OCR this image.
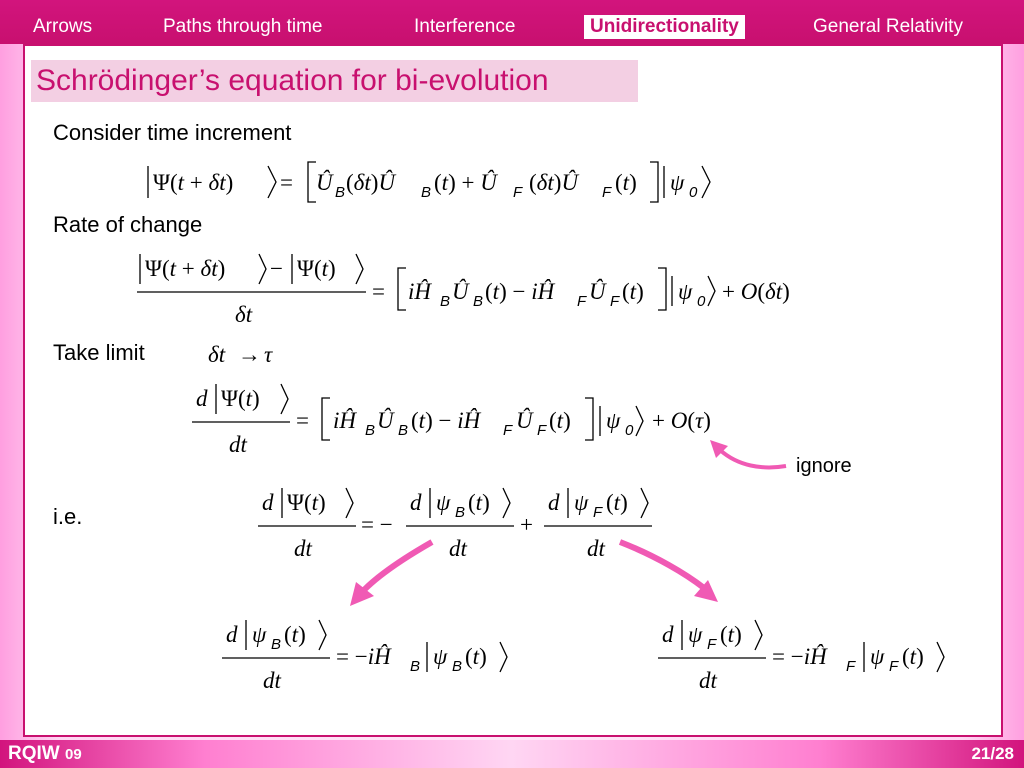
Arrows	Paths through time	Interference	Unidirectionality	General Relativity
Schrödinger’s equation for bi-evolution
Consider time increment
Rate of change
Take limit
i.e.
Ψ(t + δt) = Û B (δt)Û B (t) + Û F (δt)Û F (t) ψ 0
Ψ(t + δt) − Ψ(t)
δt
= iĤ B Û B (t) − iĤ F Û F (t) ψ 0 + O(δt)
δt → τ
d Ψ(t)
dt
= iĤ B Û B (t) − iĤ F Û F (t) ψ 0 + O(τ)
ignore
d Ψ(t)
dt
= −
d ψ B (t)
dt
+
d ψ F (t)
dt
d ψ B (t)
dt
= −iĤ B ψ B (t)
d ψ F (t)
dt
= −iĤ F ψ F (t)
RQIW 09	21/28
